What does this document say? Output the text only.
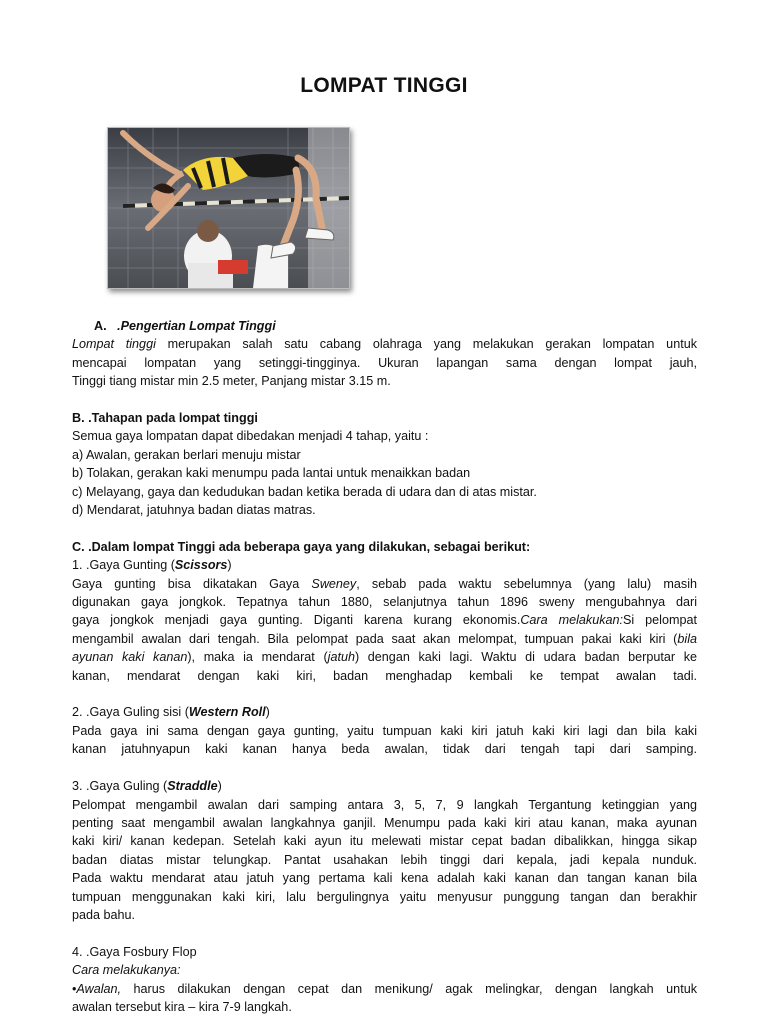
LOMPAT TINGGI

A. .Pengertian Lompat Tinggi

Lompat tinggi merupakan salah satu cabang olahraga yang melakukan gerakan lompatan untuk

mencapai lompatan yang setinggi-tingginya. Ukuran lapangan sama dengan lompat jauh,

Tinggi tiang mistar min 2.5 meter, Panjang mistar 3.15 m.

B. .Tahapan pada lompat tinggi

Semua gaya lompatan dapat dibedakan menjadi 4 tahap, yaitu :

a) Awalan, gerakan berlari menuju mistar

b) Tolakan, gerakan kaki menumpu pada lantai untuk menaikkan badan

c) Melayang, gaya dan kedudukan badan ketika berada di udara dan di atas mistar.

d) Mendarat, jatuhnya badan diatas matras.

C. .Dalam lompat Tinggi ada beberapa gaya yang dilakukan, sebagai berikut:

1. .Gaya Gunting (Scissors)

Gaya gunting bisa dikatakan Gaya Sweney, sebab pada waktu sebelumnya (yang lalu) masih

digunakan gaya jongkok. Tepatnya tahun 1880, selanjutnya tahun 1896 sweny mengubahnya dari

gaya jongkok menjadi gaya gunting. Diganti karena kurang ekonomis.Cara melakukan:Si pelompat

mengambil awalan dari tengah. Bila pelompat pada saat akan melompat, tumpuan pakai kaki kiri (bila

ayunan kaki kanan), maka ia mendarat (jatuh) dengan kaki lagi. Waktu di udara badan berputar ke

kanan, mendarat dengan kaki kiri, badan menghadap kembali ke tempat awalan tadi.

2. .Gaya Guling sisi (Western Roll)

Pada gaya ini sama dengan gaya gunting, yaitu tumpuan kaki kiri jatuh kaki kiri lagi dan bila kaki

kanan jatuhnyapun kaki kanan hanya beda awalan, tidak dari tengah tapi dari samping.

3. .Gaya Guling (Straddle)

Pelompat mengambil awalan dari samping antara 3, 5, 7, 9 langkah Tergantung ketinggian yang

penting saat mengambil awalan langkahnya ganjil. Menumpu pada kaki kiri atau kanan, maka ayunan

kaki kiri/ kanan kedepan. Setelah kaki ayun itu melewati mistar cepat badan dibalikkan, hingga sikap

badan diatas mistar telungkap. Pantat usahakan lebih tinggi dari kepala, jadi kepala nunduk.

Pada waktu mendarat atau jatuh yang pertama kali kena adalah kaki kanan dan tangan kanan bila

tumpuan menggunakan kaki kiri, lalu bergulingnya yaitu menyusur punggung tangan dan berakhir

pada bahu.

4. .Gaya Fosbury Flop

Cara melakukanya:

•Awalan, harus dilakukan dengan cepat dan menikung/ agak melingkar, dengan langkah untuk

awalan tersebut kira – kira 7-9 langkah.
